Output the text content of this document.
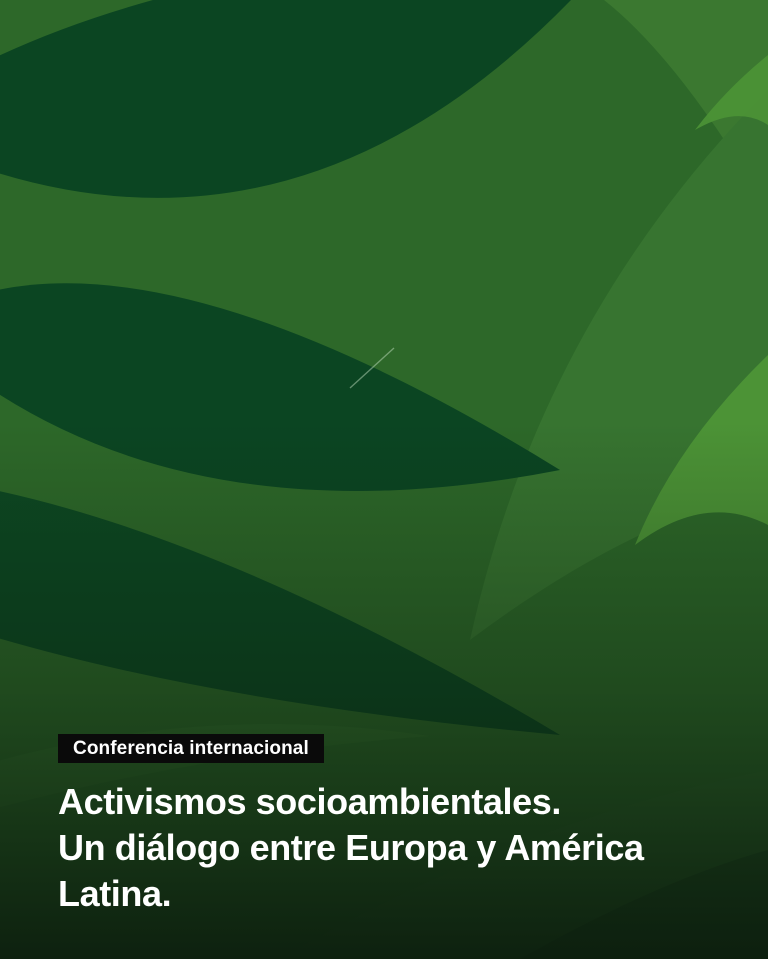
Conferencia internacional
Activismos socioambientales.
Un diálogo entre Europa y América
Latina.
